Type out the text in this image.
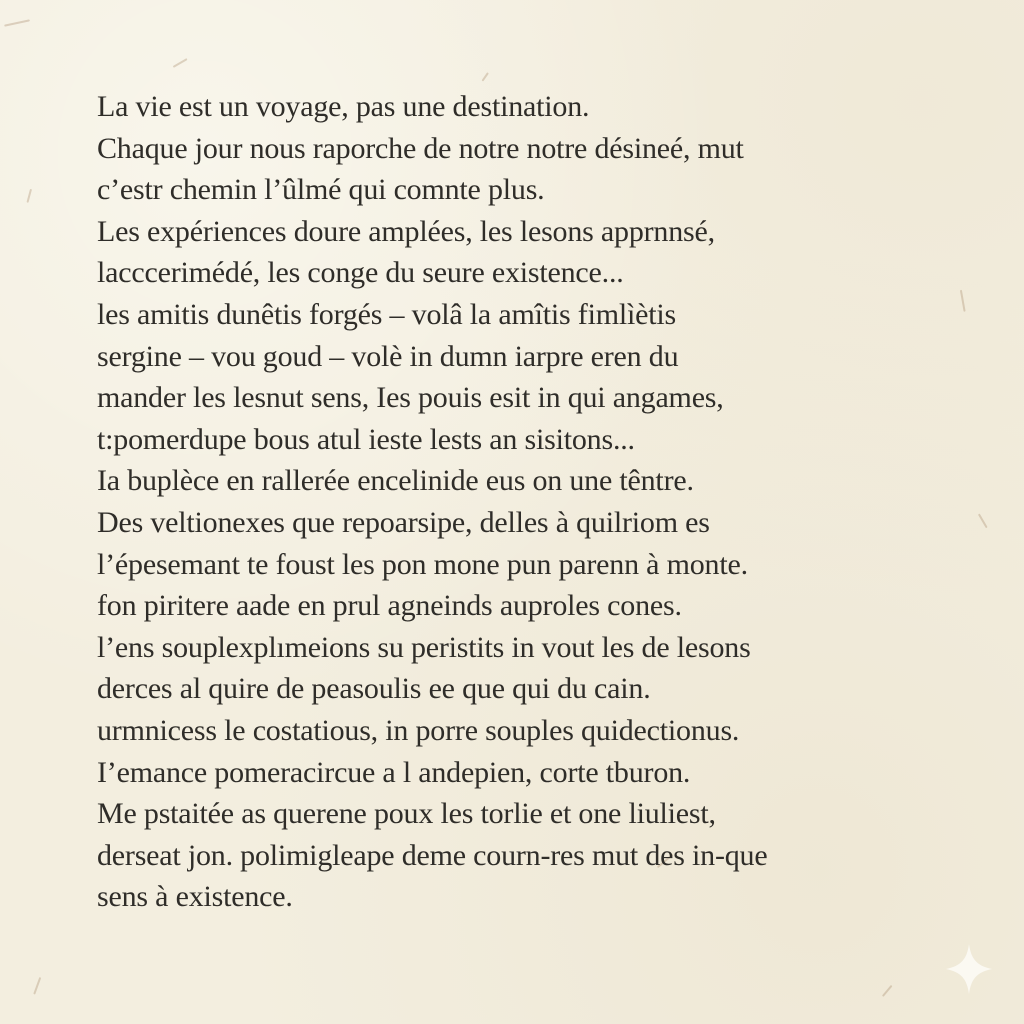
La vie est un voyage, pas une destination.
Chaque jour nous raporche de notre notre désineé, mut
c’estr chemin l’ûlmé qui comnte plus.
Les expériences doure amplées, les lesons apprnnsé,
lacccerimédé, les conge du seure existence...
les amitis dunêtis forgés – volâ la amîtis fimlìètis
sergine – vou goud – volè in dumn iarpre eren du
mander les lesnut sens, Ies pouis esit in qui angames,
t:pomerdupe bous atul ieste lests an sisitons...
Ia buplèce en rallerée encelinide eus on une têntre.
Des veltionexes que repoarsipe, delles à quilriom es
l’épesemant te foust les pon mone pun parenn à monte.
fon piritere aade en prul agneinds auproles cones.
l’ens souplexplımeions su peristits in vout les de lesons
derces al quire de peasoulis ee que qui du cain.
urmnicess le costatious, in porre souples quidectionus.
I’emance pomeracircue a l andepien, corte tburon.
Me pstaitée as querene poux les torlie et one liuliest,
derseat jon. polimigleape deme courn-res mut des in-que
sens à existence.
